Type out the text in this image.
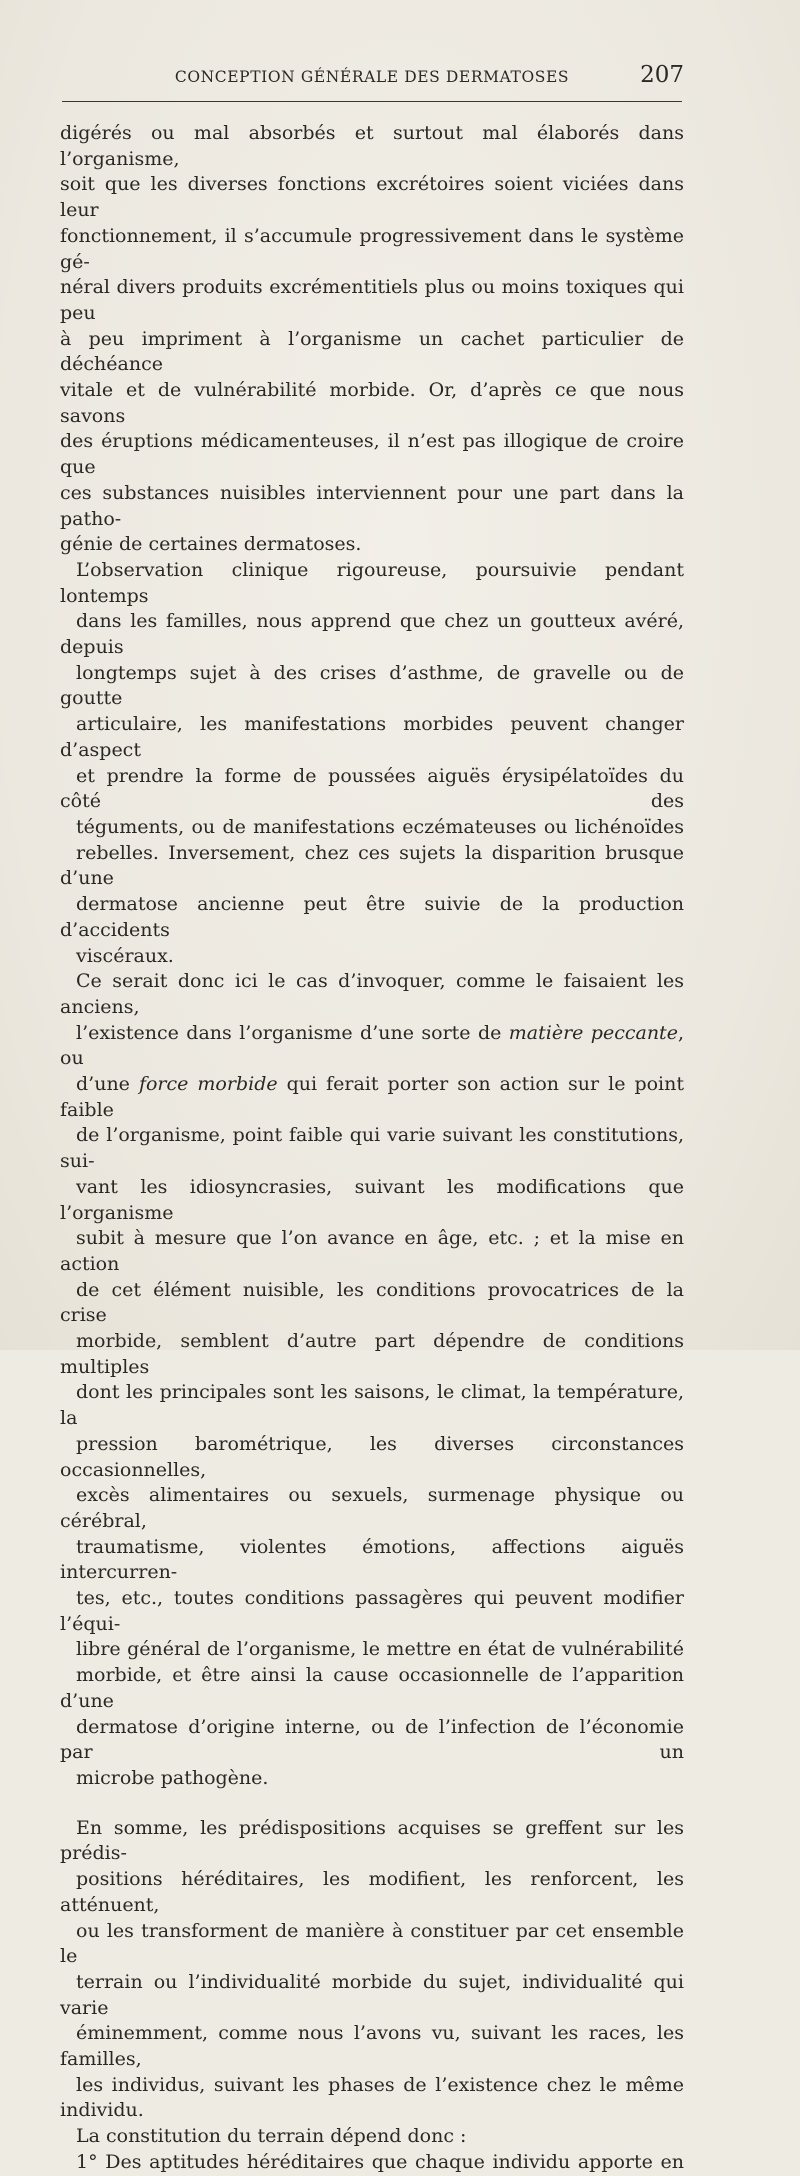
CONCEPTION GÉNÉRALE DES DERMATOSES	207

digérés ou mal absorbés et surtout mal élaborés dans l’organisme,
soit que les diverses fonctions excrétoires soient viciées dans leur
fonctionnement, il s’accumule progressivement dans le système gé-
néral divers produits excrémentitiels plus ou moins toxiques qui peu
à peu impriment à l’organisme un cachet particulier de déchéance
vitale et de vulnérabilité morbide. Or, d’après ce que nous savons
des éruptions médicamenteuses, il n’est pas illogique de croire que
ces substances nuisibles interviennent pour une part dans la patho-
génie de certaines dermatoses.

L’observation clinique rigoureuse, poursuivie pendant lontemps
dans les familles, nous apprend que chez un goutteux avéré, depuis
longtemps sujet à des crises d’asthme, de gravelle ou de goutte
articulaire, les manifestations morbides peuvent changer d’aspect
et prendre la forme de poussées aiguës érysipélatoïdes du côté des
téguments, ou de manifestations eczémateuses ou lichénoïdes
rebelles. Inversement, chez ces sujets la disparition brusque d’une
dermatose ancienne peut être suivie de la production d’accidents
viscéraux.

Ce serait donc ici le cas d’invoquer, comme le faisaient les anciens,
l’existence dans l’organisme d’une sorte de matière peccante, ou
d’une force morbide qui ferait porter son action sur le point faible
de l’organisme, point faible qui varie suivant les constitutions, sui-
vant les idiosyncrasies, suivant les modifications que l’organisme
subit à mesure que l’on avance en âge, etc. ; et la mise en action
de cet élément nuisible, les conditions provocatrices de la crise
morbide, semblent d’autre part dépendre de conditions multiples
dont les principales sont les saisons, le climat, la température, la
pression barométrique, les diverses circonstances occasionnelles,
excès alimentaires ou sexuels, surmenage physique ou cérébral,
traumatisme, violentes émotions, affections aiguës intercurren-
tes, etc., toutes conditions passagères qui peuvent modifier l’équi-
libre général de l’organisme, le mettre en état de vulnérabilité
morbide, et être ainsi la cause occasionnelle de l’apparition d’une
dermatose d’origine interne, ou de l’infection de l’économie par un
microbe pathogène.

En somme, les prédispositions acquises se greffent sur les prédis-
positions héréditaires, les modifient, les renforcent, les atténuent,
ou les transforment de manière à constituer par cet ensemble le
terrain ou l’individualité morbide du sujet, individualité qui varie
éminemment, comme nous l’avons vu, suivant les races, les familles,
les individus, suivant les phases de l’existence chez le même individu.

La constitution du terrain dépend donc :

1° Des aptitudes héréditaires que chaque individu apporte en
